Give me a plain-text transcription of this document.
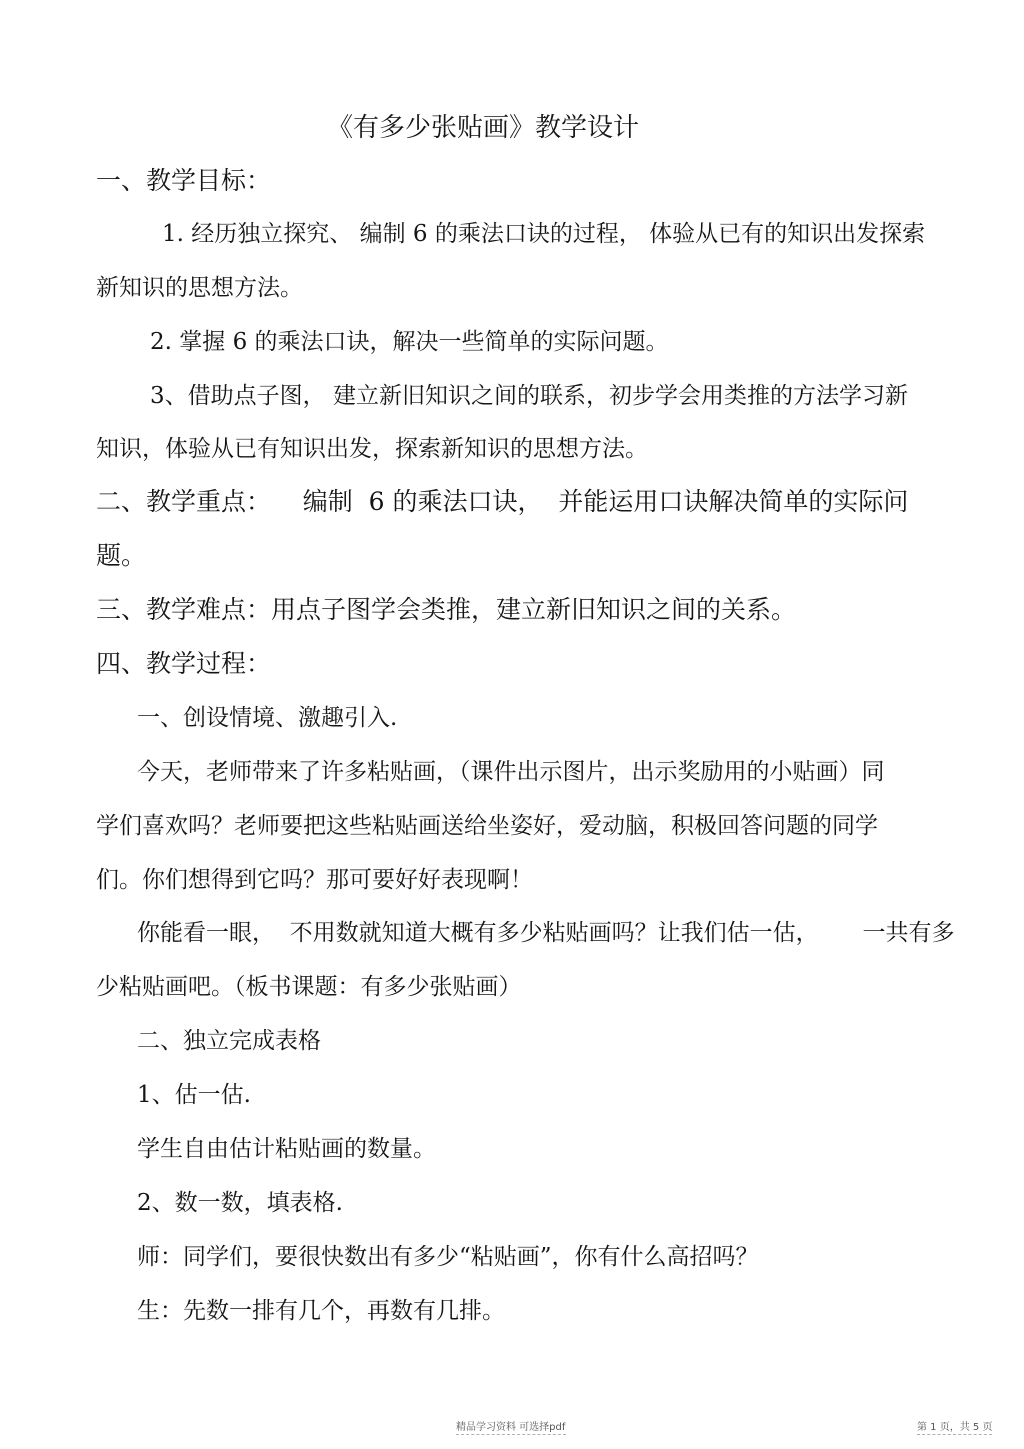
《有多少张贴画》教学设计

一、教学目标：

1. 经历独立探究、 编制 6 的乘法口诀的过程， 体验从已有的知识出发探索

新知识的思想方法。

2. 掌握 6 的乘法口诀，解决一些简单的实际问题。

3、借助点子图， 建立新旧知识之间的联系，初步学会用类推的方法学习新

知识，体验从已有知识出发，探索新知识的思想方法。

二、教学重点：    编制  6 的乘法口诀，  并能运用口诀解决简单的实际问

题。

三、教学难点：用点子图学会类推，建立新旧知识之间的关系。

四、教学过程：

一、创设情境、激趣引入.

今天，老师带来了许多粘贴画，（课件出示图片，出示奖励用的小贴画）同

学们喜欢吗？老师要把这些粘贴画送给坐姿好，爱动脑，积极回答问题的同学

们。你们想得到它吗？那可要好好表现啊！

你能看一眼，  不用数就知道大概有多少粘贴画吗？让我们估一估，      一共有多

少粘贴画吧。（板书课题：有多少张贴画）

二、独立完成表格

1、估一估.

学生自由估计粘贴画的数量。

2、数一数，填表格.

师：同学们，要很快数出有多少“粘贴画”，你有什么高招吗？

生：先数一排有几个，再数有几排。

精品学习资料 可选择pdf	第 1 页，共 5 页
